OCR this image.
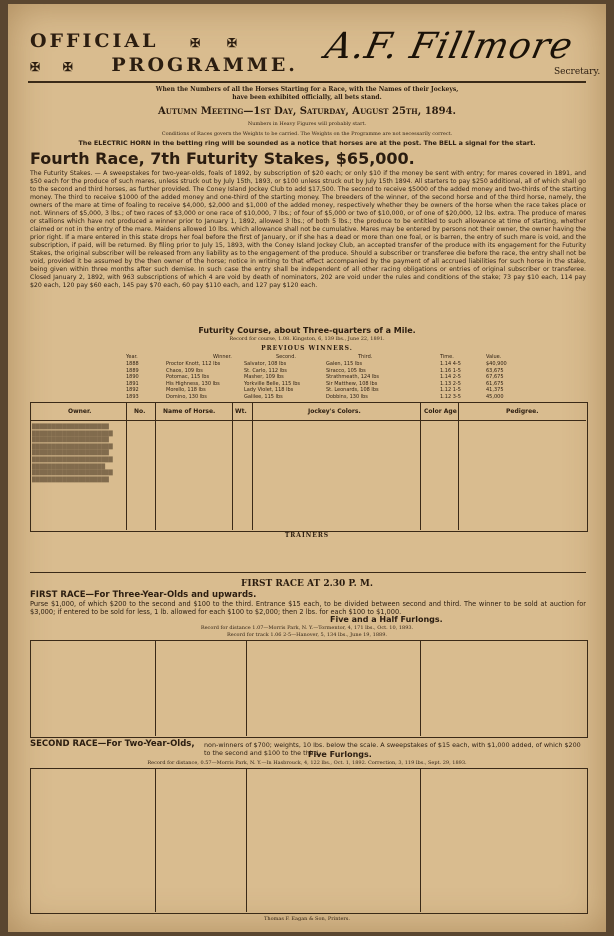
OFFICIAL	✠ ✠
✠ ✠ PROGRAMME. A.F. Fillmore
Secretary.
When the Numbers of all the Horses Starting for a Race, with the Names of their Jockeys,
have been exhibited officially, all bets stand.
Autumn Meeting—1st Day, Saturday, August 25th, 1894.
Numbers in Heavy Figures will probably start.
Conditions of Races govern the Weights to be carried. The Weights on the Programme are not necessarily correct.
The ELECTRIC HORN in the betting ring will be sounded as a notice that horses are at the post. The BELL a signal for the start.
Fourth Race, 7th Futurity Stakes, $65,000.
The Futurity Stakes. — A sweepstakes for two-year-olds, foals of 1892, by subscription of $20 each; or only $10 if the money be sent with entry; for mares covered in 1891, and $50 each for the produce of such mares, unless struck out by July 15th, 1893, or $100 unless struck out by July 15th 1894. All starters to pay $250 additional, all of which shall go to the second and third horses, as further provided. The Coney Island Jockey Club to add $17,500. The second to receive $5000 of the added money and two-thirds of the starting money. The third to receive $1000 of the added money and one-third of the starting money. The breeders of the winner, of the second horse and of the third horse, namely, the owners of the mare at time of foaling to receive $4,000, $2,000 and $1,000 of the added money, respectively whether they be owners of the horse when the race takes place or not. Winners of $5,000, 3 lbs.; of two races of $3,000 or one race of $10,000, 7 lbs.; of four of $5,000 or two of $10,000, or of one of $20,000, 12 lbs. extra. The produce of mares or stallions which have not produced a winner prior to January 1, 1892, allowed 3 lbs.; of both 5 lbs.; the produce to be entitled to such allowance at time of starting, whether claimed or not in the entry of the mare. Maidens allowed 10 lbs. which allowance shall not be cumulative. Mares may be entered by persons not their owner, the owner having the prior right. If a mare entered in this state drops her foal before the first of January, or if she has a dead or more than one foal, or is barren, the entry of such mare is void, and the subscription, if paid, will be returned. By filing prior to July 15, 1893, with the Coney Island Jockey Club, an accepted transfer of the produce with its engagement for the Futurity Stakes, the original subscriber will be released from any liability as to the engagement of the produce. Should a subscriber or transferee die before the race, the entry shall not be void, provided it be assumed by the then owner of the horse; notice in writing to that effect accompanied by the payment of all accrued liabilities for such horse in the stake, being given within three months after such demise. In such case the entry shall be independent of all other racing obligations or entries of original subscriber or transferee. Closed January 2, 1892, with 963 subscriptions of which 4 are void by death of nominators, 202 are void under the rules and conditions of the stake; 73 pay $10 each, 114 pay $20 each, 120 pay $60 each, 145 pay $70 each, 60 pay $110 each, and 127 pay $120 each.
Futurity Course, about Three-quarters of a Mile.
Record for course, 1.08. Kingston, 6, 139 lbs., June 22, 1891.
PREVIOUS WINNERS.
Year.	Winner.	Second.	Third.	Time.	Value.
1888	Proctor Knott, 112 lbs	Salvator, 108 lbs	Galen, 115 lbs	1.14 4-5	$40,900
1889	Chaos, 109 lbs	St. Carlo, 112 lbs	Siracco, 105 lbs	1.16 1-5	63,675
1890	Potomac, 115 lbs	Masher, 109 lbs	Strathmeath, 124 lbs	1.14 2-5	67,675
1891	His Highness, 130 lbs	Yorkville Belle, 115 lbs	Sir Matthew, 108 lbs	1.13 2-5	61,675
1892	Morello, 118 lbs	Lady Violet, 118 lbs	St. Leonards, 108 lbs	1.12 1-5	41,375
1893	Domino, 130 lbs	Galilee, 115 lbs	Dobbins, 130 lbs	1.12 3-5	45,000
Owner.	No.	Name of Horse.	Wt.	Jockey's Colors.	Color Age	Pedigree.
████████████████████
█████████████████████
████████████████████
█████████████████████
████████████████████
█████████████████████
███████████████████
█████████████████████
████████████████████
TRAINERS
FIRST RACE AT 2.30 P. M.
FIRST RACE—For Three-Year-Olds and upwards.
Purse $1,000, of which $200 to the second and $100 to the third. Entrance $15 each, to be divided between second and third. The winner to be sold at auction for $3,000; if entered to be sold for less, 1 lb. allowed for each $100 to $2,000; then 2 lbs. for each $100 to $1,000.
Five and a Half Furlongs.
Record for distance 1.07—Morris Park, N. Y.—Tormentor, 4, 171 lbs., Oct. 10, 1893.
Record for track 1.06 2-5—Hanover, 5, 134 lbs., June 19, 1889.
SECOND RACE—For Two-Year-Olds, non-winners of $700; weights, 10 lbs. below the scale. A sweepstakes of $15 each, with $1,000 added, of which $200 to the second and $100 to the third.
Five Furlongs.
Record for distance, 0.57—Morris Park, N. Y.—In Hasbrouck, 4, 122 lbs., Oct. 1, 1892. Correction, 3, 119 lbs., Sept. 29, 1893.
Thomas F. Eagan & Son, Printers.
